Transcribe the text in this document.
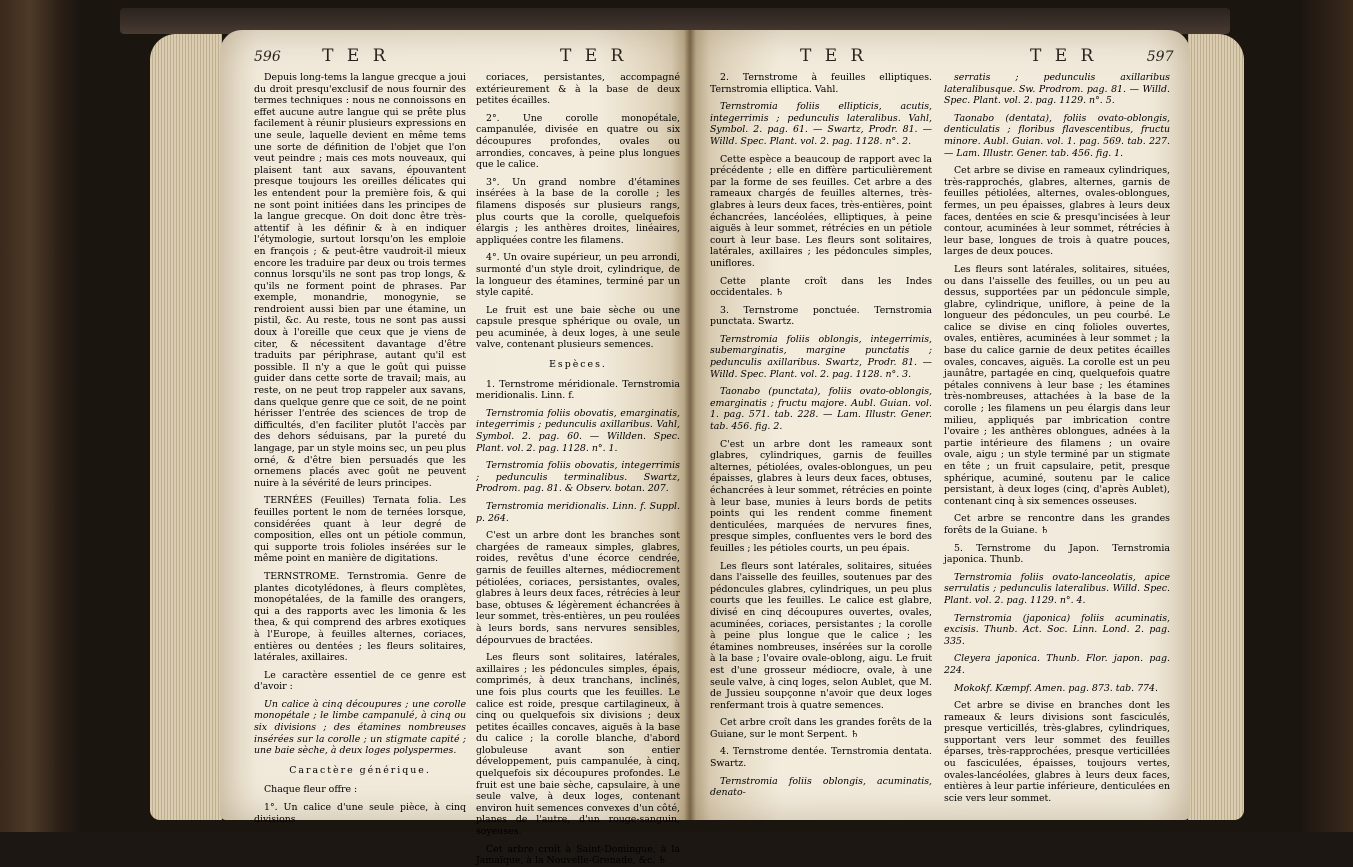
596 T E R	T E R	T E R	T E R	597

Depuis long-tems la langue grecque a joui du droit presqu'exclusif de nous fournir des termes techniques : nous ne connoissons en effet aucune autre langue qui se prête plus facilement à réunir plusieurs expressions en une seule, laquelle devient en même tems une sorte de définition de l'objet que l'on veut peindre ; mais ces mots nouveaux, qui plaisent tant aux savans, épouvantent presque toujours les oreilles délicates qui les entendent pour la première fois, & qui ne sont point initiées dans les principes de la langue grecque. On doit donc être très-attentif à les définir & à en indiquer l'étymologie, surtout lorsqu'on les emploie en françois ; & peut-être vaudroit-il mieux encore les traduire par deux ou trois termes connus lorsqu'ils ne sont pas trop longs, & qu'ils ne forment point de phrases. Par exemple, monandrie, monogynie, se rendroient aussi bien par une étamine, un pistil, &c. Au reste, tous ne sont pas aussi doux à l'oreille que ceux que je viens de citer, & nécessitent davantage d'être traduits par périphrase, autant qu'il est possible. Il n'y a que le goût qui puisse guider dans cette sorte de travail; mais, au reste, on ne peut trop rappeler aux savans, dans quelque genre que ce soit, de ne point hérisser l'entrée des sciences de trop de difficultés, d'en faciliter plutôt l'accès par des dehors séduisans, par la pureté du langage, par un style moins sec, un peu plus orné, & d'être bien persuadés que les ornemens placés avec goût ne peuvent nuire à la sévérité de leurs principes.

TERNÉES (Feuilles) Ternata folia. Les feuilles portent le nom de ternées lorsque, considérées quant à leur degré de composition, elles ont un pétiole commun, qui supporte trois folioles insérées sur le même point en manière de digitations.

TERNSTROME. Ternstromia. Genre de plantes dicotylédones, à fleurs complètes, monopétalées, de la famille des orangers, qui a des rapports avec les limonia & les thea, & qui comprend des arbres exotiques à l'Europe, à feuilles alternes, coriaces, entières ou dentées ; les fleurs solitaires, latérales, axillaires.

Le caractère essentiel de ce genre est d'avoir :

Un calice à cinq découpures ; une corolle monopétale ; le limbe campanulé, à cinq ou six divisions ; des étamines nombreuses insérées sur la corolle ; un stigmate capité ; une baie sèche, à deux loges polyspermes.

Caractère générique.

Chaque fleur offre :

1°. Un calice d'une seule pièce, à cinq divisions

coriaces, persistantes, accompagné extérieurement & à la base de deux petites écailles.

2°. Une corolle monopétale, campanulée, divisée en quatre ou six découpures profondes, ovales ou arrondies, concaves, à peine plus longues que le calice.

3°. Un grand nombre d'étamines insérées à la base de la corolle ; les filamens disposés sur plusieurs rangs, plus courts que la corolle, quelquefois élargis ; les anthères droites, linéaires, appliquées contre les filamens.

4°. Un ovaire supérieur, un peu arrondi, surmonté d'un style droit, cylindrique, de la longueur des étamines, terminé par un style capité.

Le fruit est une baie sèche ou une capsule presque sphérique ou ovale, un peu acuminée, à deux loges, à une seule valve, contenant plusieurs semences.

Espèces.

1. Ternstrome méridionale. Ternstromia meridionalis. Linn. f.

Ternstromia foliis obovatis, emarginatis, integerrimis ; pedunculis axillaribus. Vahl, Symbol. 2. pag. 60. — Willden. Spec. Plant. vol. 2. pag. 1128. n°. 1.

Ternstromia foliis obovatis, integerrimis ; pedunculis terminalibus. Swartz, Prodrom. pag. 81. & Observ. botan. 207.

Ternstromia meridionalis. Linn. f. Suppl. p. 264.

C'est un arbre dont les branches sont chargées de rameaux simples, glabres, roides, revêtus d'une écorce cendrée, garnis de feuilles alternes, médiocrement pétiolées, coriaces, persistantes, ovales, glabres à leurs deux faces, rétrécies à leur base, obtuses & légèrement échancrées à leur sommet, très-entières, un peu roulées à leurs bords, sans nervures sensibles, dépourvues de bractées.

Les fleurs sont solitaires, latérales, axillaires ; les pédoncules simples, épais, comprimés, à deux tranchans, inclinés, une fois plus courts que les feuilles. Le calice est roide, presque cartilagineux, à cinq ou quelquefois six divisions ; deux petites écailles concaves, aiguës à la base du calice ; la corolle blanche, d'abord globuleuse avant son entier développement, puis campanulée, à cinq, quelquefois six découpures profondes. Le fruit est une baie sèche, capsulaire, à une seule valve, à deux loges, contenant environ huit semences convexes d'un côté, planes de l'autre, d'un rouge-sanguin, soyeuses.

Cet arbre croît à Saint-Domingue, à la Jamaïque, à la Nouvelle-Grenade, &c. ♄

2. Ternstrome à feuilles elliptiques. Ternstromia elliptica. Vahl.

Ternstromia foliis ellipticis, acutis, integerrimis ; pedunculis lateralibus. Vahl, Symbol. 2. pag. 61. — Swartz, Prodr. 81. — Willd. Spec. Plant. vol. 2. pag. 1128. n°. 2.

Cette espèce a beaucoup de rapport avec la précédente ; elle en diffère particulièrement par la forme de ses feuilles. Cet arbre a des rameaux chargés de feuilles alternes, très-glabres à leurs deux faces, très-entières, point échancrées, lancéolées, elliptiques, à peine aiguës à leur sommet, rétrécies en un pétiole court à leur base. Les fleurs sont solitaires, latérales, axillaires ; les pédoncules simples, uniflores.

Cette plante croît dans les Indes occidentales. ♄

3. Ternstrome ponctuée. Ternstromia punctata. Swartz.

Ternstromia foliis oblongis, integerrimis, subemarginatis, margine punctatis ; pedunculis axillaribus. Swartz, Prodr. 81. — Willd. Spec. Plant. vol. 2. pag. 1128. n°. 3.

Taonabo (punctata), foliis ovato-oblongis, emarginatis ; fructu majore. Aubl. Guian. vol. 1. pag. 571. tab. 228. — Lam. Illustr. Gener. tab. 456. fig. 2.

C'est un arbre dont les rameaux sont glabres, cylindriques, garnis de feuilles alternes, pétiolées, ovales-oblongues, un peu épaisses, glabres à leurs deux faces, obtuses, échancrées à leur sommet, rétrécies en pointe à leur base, munies à leurs bords de petits points qui les rendent comme finement denticulées, marquées de nervures fines, presque simples, confluentes vers le bord des feuilles ; les pétioles courts, un peu épais.

Les fleurs sont latérales, solitaires, situées dans l'aisselle des feuilles, soutenues par des pédoncules glabres, cylindriques, un peu plus courts que les feuilles. Le calice est glabre, divisé en cinq découpures ouvertes, ovales, acuminées, coriaces, persistantes ; la corolle à peine plus longue que le calice ; les étamines nombreuses, insérées sur la corolle à la base ; l'ovaire ovale-oblong, aigu. Le fruit est d'une grosseur médiocre, ovale, à une seule valve, à cinq loges, selon Aublet, que M. de Jussieu soupçonne n'avoir que deux loges renfermant trois à quatre semences.

Cet arbre croît dans les grandes forêts de la Guiane, sur le mont Serpent. ♄

4. Ternstrome dentée. Ternstromia dentata. Swartz.

Ternstromia foliis oblongis, acuminatis, denato-

serratis ; pedunculis axillaribus lateralibusque. Sw. Prodrom. pag. 81. — Willd. Spec. Plant. vol. 2. pag. 1129. n°. 5.

Taonabo (dentata), foliis ovato-oblongis, denticulatis ; floribus flavescentibus, fructu minore. Aubl. Guian. vol. 1. pag. 569. tab. 227. — Lam. Illustr. Gener. tab. 456. fig. 1.

Cet arbre se divise en rameaux cylindriques, très-rapprochés, glabres, alternes, garnis de feuilles pétiolées, alternes, ovales-oblongues, fermes, un peu épaisses, glabres à leurs deux faces, dentées en scie & presqu'incisées à leur contour, acuminées à leur sommet, rétrécies à leur base, longues de trois à quatre pouces, larges de deux pouces.

Les fleurs sont latérales, solitaires, situées, ou dans l'aisselle des feuilles, ou un peu au dessus, supportées par un pédoncule simple, glabre, cylindrique, uniflore, à peine de la longueur des pédoncules, un peu courbé. Le calice se divise en cinq folioles ouvertes, ovales, entières, acuminées à leur sommet ; la base du calice garnie de deux petites écailles ovales, concaves, aiguës. La corolle est un peu jaunâtre, partagée en cinq, quelquefois quatre pétales connivens à leur base ; les étamines très-nombreuses, attachées à la base de la corolle ; les filamens un peu élargis dans leur milieu, appliqués par imbrication contre l'ovaire ; les anthères oblongues, adnées à la partie intérieure des filamens ; un ovaire ovale, aigu ; un style terminé par un stigmate en tête ; un fruit capsulaire, petit, presque sphérique, acuminé, soutenu par le calice persistant, à deux loges (cinq, d'après Aublet), contenant cinq à six semences osseuses.

Cet arbre se rencontre dans les grandes forêts de la Guiane. ♄

5. Ternstrome du Japon. Ternstromia japonica. Thunb.

Ternstromia foliis ovato-lanceolatis, apice serrulatis ; pedunculis lateralibus. Willd. Spec. Plant. vol. 2. pag. 1129. n°. 4.

Ternstromia (japonica) foliis acuminatis, excisis. Thunb. Act. Soc. Linn. Lond. 2. pag. 335.

Cleyera japonica. Thunb. Flor. japon. pag. 224.

Mokokf. Kæmpf. Amen. pag. 873. tab. 774.

Cet arbre se divise en branches dont les rameaux & leurs divisions sont fasciculés, presque verticillés, très-glabres, cylindriques, supportant vers leur sommet des feuilles éparses, très-rapprochées, presque verticillées ou fasciculées, épaisses, toujours vertes, ovales-lancéolées, glabres à leurs deux faces, entières à leur partie inférieure, denticulées en scie vers leur sommet.
